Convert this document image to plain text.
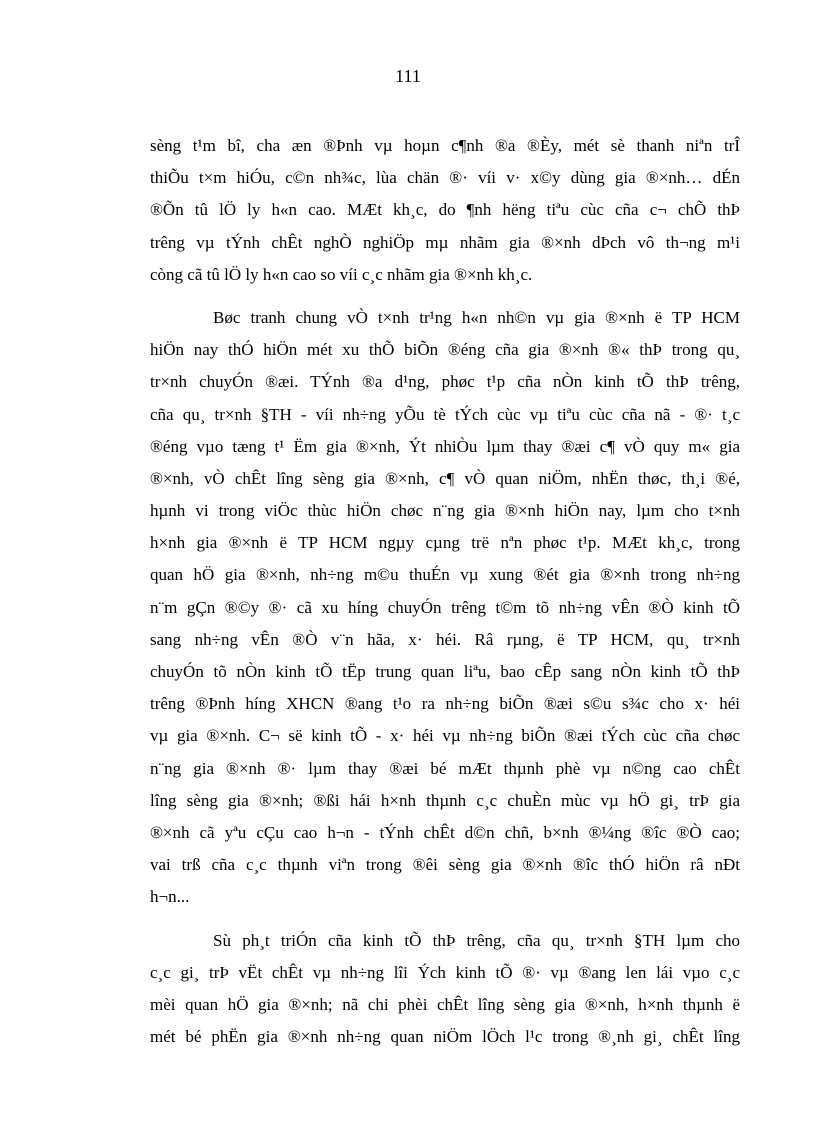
111
sèng t¹m bî, cha æn ®Þnh vµ hoµn c¶nh ®a ®Èy, mét sè thanh niªn trÎ
thiÕu t×m hiÓu, c©n nh¾c, lùa chän ®· víi v· x©y dùng gia ®×nh… dÉn
®Õn tû lÖ ly h«n cao. MÆt kh¸c, do ¶nh hëng tiªu cùc cña c¬ chÕ thÞ
trêng vµ tÝnh chÊt nghÒ nghiÖp mµ nhãm gia ®×nh dÞch vô th¬ng m¹i
còng cã tû lÖ ly h«n cao so víi c¸c nhãm gia ®×nh kh¸c.
Bøc tranh chung vÒ t×nh tr¹ng h«n nh©n vµ gia ®×nh ë TP HCM
hiÖn nay thÓ hiÖn mét xu thÕ biÕn ®éng cña gia ®×nh ®« thÞ trong qu¸
tr×nh chuyÓn ®æi. TÝnh ®a d¹ng, phøc t¹p cña nÒn kinh tÕ thÞ trêng,
cña qu¸ tr×nh §TH - víi nh÷ng yÕu tè tÝch cùc vµ tiªu cùc cña nã - ®· t¸c
®éng vµo tæng t¹ Ëm gia ®×nh, Ýt nhiÒu lµm thay ®æi c¶ vÒ quy m« gia
®×nh, vÒ chÊt lîng sèng gia ®×nh, c¶ vÒ quan niÖm, nhËn thøc, th¸i ®é,
hµnh vi trong viÖc thùc hiÖn chøc n¨ng gia ®×nh hiÖn nay, lµm cho t×nh
h×nh gia ®×nh ë TP HCM ngµy cµng trë nªn phøc t¹p. MÆt kh¸c, trong
quan hÖ gia ®×nh, nh÷ng m©u thuÉn vµ xung ®ét gia ®×nh trong nh÷ng
n¨m gÇn ®©y ®· cã xu híng chuyÓn trêng t©m tõ nh÷ng vÊn ®Ò kinh tÕ
sang nh÷ng vÊn ®Ò v¨n hãa, x· héi. Râ rµng, ë TP HCM, qu¸ tr×nh
chuyÓn tõ nÒn kinh tÕ tËp trung quan liªu, bao cÊp sang nÒn kinh tÕ thÞ
trêng ®Þnh híng XHCN ®ang t¹o ra nh÷ng biÕn ®æi s©u s¾c cho x· héi
vµ gia ®×nh. C¬ së kinh tÕ - x· héi vµ nh÷ng biÕn ®æi tÝch cùc cña chøc
n¨ng gia ®×nh ®· lµm thay ®æi bé mÆt thµnh phè vµ n©ng cao chÊt
lîng sèng gia ®×nh; ®ßi hái h×nh thµnh c¸c chuÈn mùc vµ hÖ gi¸ trÞ gia
®×nh cã yªu cÇu cao h¬n - tÝnh chÊt d©n chñ, b×nh ®¼ng ®îc ®Ò cao;
vai trß cña c¸c thµnh viªn trong ®êi sèng gia ®×nh ®îc thÓ hiÖn râ nÐt
h¬n...
Sù ph¸t triÓn cña kinh tÕ thÞ trêng, cña qu¸ tr×nh §TH lµm cho
c¸c gi¸ trÞ vËt chÊt vµ nh÷ng lîi Ých kinh tÕ ®· vµ ®ang len lái vµo c¸c
mèi quan hÖ gia ®×nh; nã chi phèi chÊt lîng sèng gia ®×nh, h×nh thµnh ë
mét bé phËn gia ®×nh nh÷ng quan niÖm lÖch l¹c trong ®¸nh gi¸ chÊt lîng
